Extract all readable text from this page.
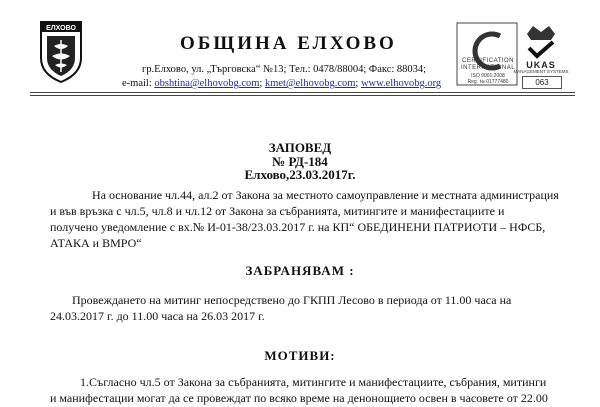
ЕЛХОВО
ОБЩИНА ЕЛХОВО
гр.Елхово, ул. „Търговска“ №13; Тел.: 0478/88004; Факс: 88034;
e-mail: obshtina@elhovobg.com; kmet@elhovobg.com; www.elhovobg.org
CERTIFICATION
INTERNATIONAL
ISO 9001:2008
Reg. № 01777480
UKAS
MANAGEMENT SYSTEMS
063
ЗАПОВЕД
№ РД-184
Елхово,23.03.2017г.
На основание чл.44, ал.2 от Закона за местното самоуправление и местната администрация
и във връзка с чл.5, чл.8 и чл.12 от Закона за събранията, митингите и манифестациите и
получено уведомление с вх.№ И-01-38/23.03.2017 г. на КП“ ОБЕДИНЕНИ ПАТРИОТИ – НФСБ,
АТАКА и ВМРО“
ЗАБРАНЯВАМ :
Провеждането на митинг непосредствено до ГКПП Лесово в периода от 11.00 часа на
24.03.2017 г. до 11.00 часа на 26.03 2017 г.
МОТИВИ:
1.Съгласно чл.5 от Закона за събранията, митингите и манифестациите, събрания, митинги
и манифестации могат да се провеждат по всяко време на денонощието освен в часовете от 22.00
